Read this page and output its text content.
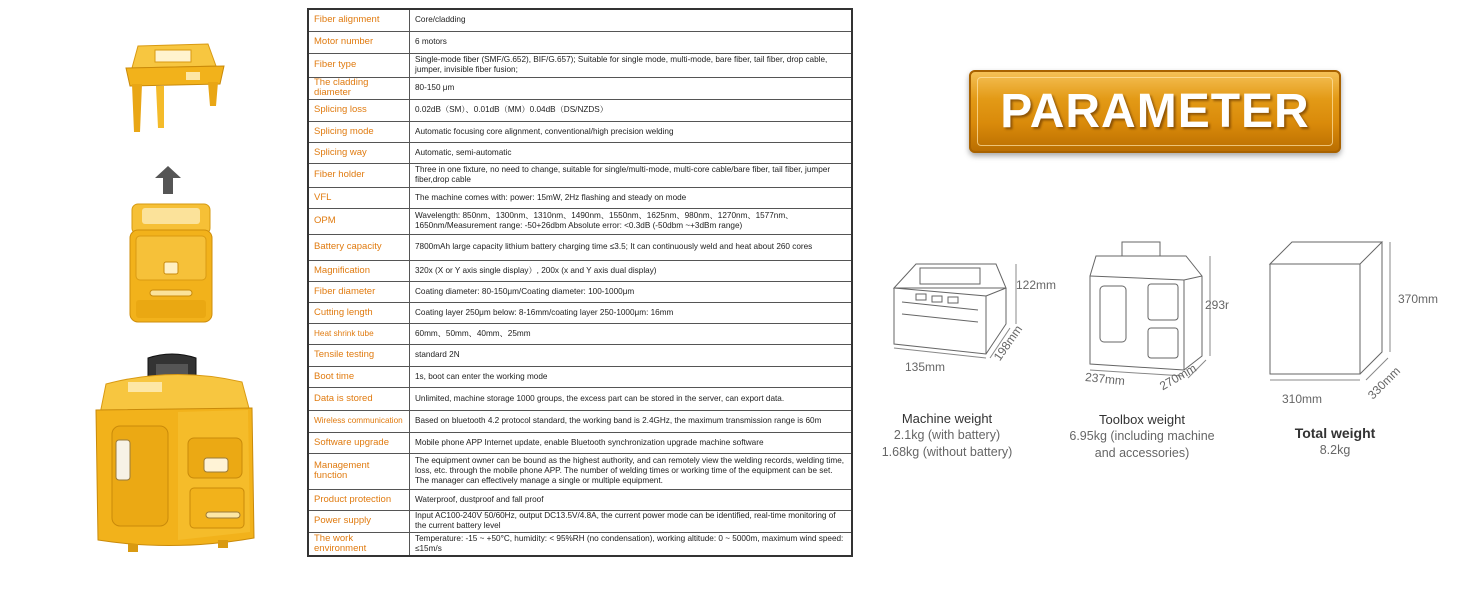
Fiber alignment	Core/cladding
Motor number	6 motors
Fiber type	Single-mode fiber (SMF/G.652), BIF/G.657); Suitable for single mode, multi-mode, bare fiber, tail fiber, drop cable, jumper, invisible fiber fusion;
The cladding diameter	80-150 μm
Splicing loss	0.02dB（SM）、0.01dB（MM）0.04dB（DS/NZDS）
Splicing mode	Automatic focusing core alignment, conventional/high precision welding
Splicing way	Automatic, semi-automatic
Fiber holder	Three in one fixture, no need to change, suitable for single/multi-mode, multi-core cable/bare fiber, tail fiber, jumper fiber,drop cable
VFL	The machine comes with: power: 15mW, 2Hz flashing and steady on mode
OPM	Wavelength: 850nm、1300nm、1310nm、1490nm、1550nm、1625nm、980nm、1270nm、1577nm、1650nm/Measurement range: -50+26dbm Absolute error: <0.3dB (-50dbm ~+3dBm range)
Battery capacity	7800mAh large capacity lithium battery charging time ≤3.5; It can continuously weld and heat about 260 cores
Magnification	320x (X or Y axis single display）, 200x (x and Y axis dual display)
Fiber diameter	Coating diameter: 80-150μm/Coating diameter: 100-1000μm
Cutting length	Coating layer 250μm below: 8-16mm/coating layer 250-1000μm: 16mm
Heat shrink tube	60mm、50mm、40mm、25mm
Tensile testing	standard 2N
Boot time	1s, boot can enter the working mode
Data is stored	Unlimited, machine storage 1000 groups, the excess part can be stored in the server, can export data.
Wireless communication	Based on bluetooth 4.2 protocol standard, the working band is 2.4GHz, the maximum transmission range is 60m
Software upgrade	Mobile phone APP Internet update, enable Bluetooth synchronization upgrade machine software
Management function	The equipment owner can be bound as the highest authority, and can remotely view the welding records, welding time, loss, etc. through the mobile phone APP. The number of welding times or working time of the equipment can be set. The manager can effectively manage a single or multiple equipment.
Product protection	Waterproof, dustproof and fall proof
Power supply	Input AC100-240V 50/60Hz, output DC13.5V/4.8A, the current power mode can be identified, real-time monitoring of the current battery level
The work environment	Temperature: -15 ~ +50°C, humidity: < 95%RH (no condensation), working altitude: 0 ~ 5000m, maximum wind speed: ≤15m/s
PARAMETER
122mm
135mm
198mm
293r
237mm	270mm
370mm
310mm	330mm
Machine weight
2.1kg (with battery)
1.68kg (without battery)
Toolbox weight
6.95kg (including machine
and accessories)
Total weight
8.2kg
